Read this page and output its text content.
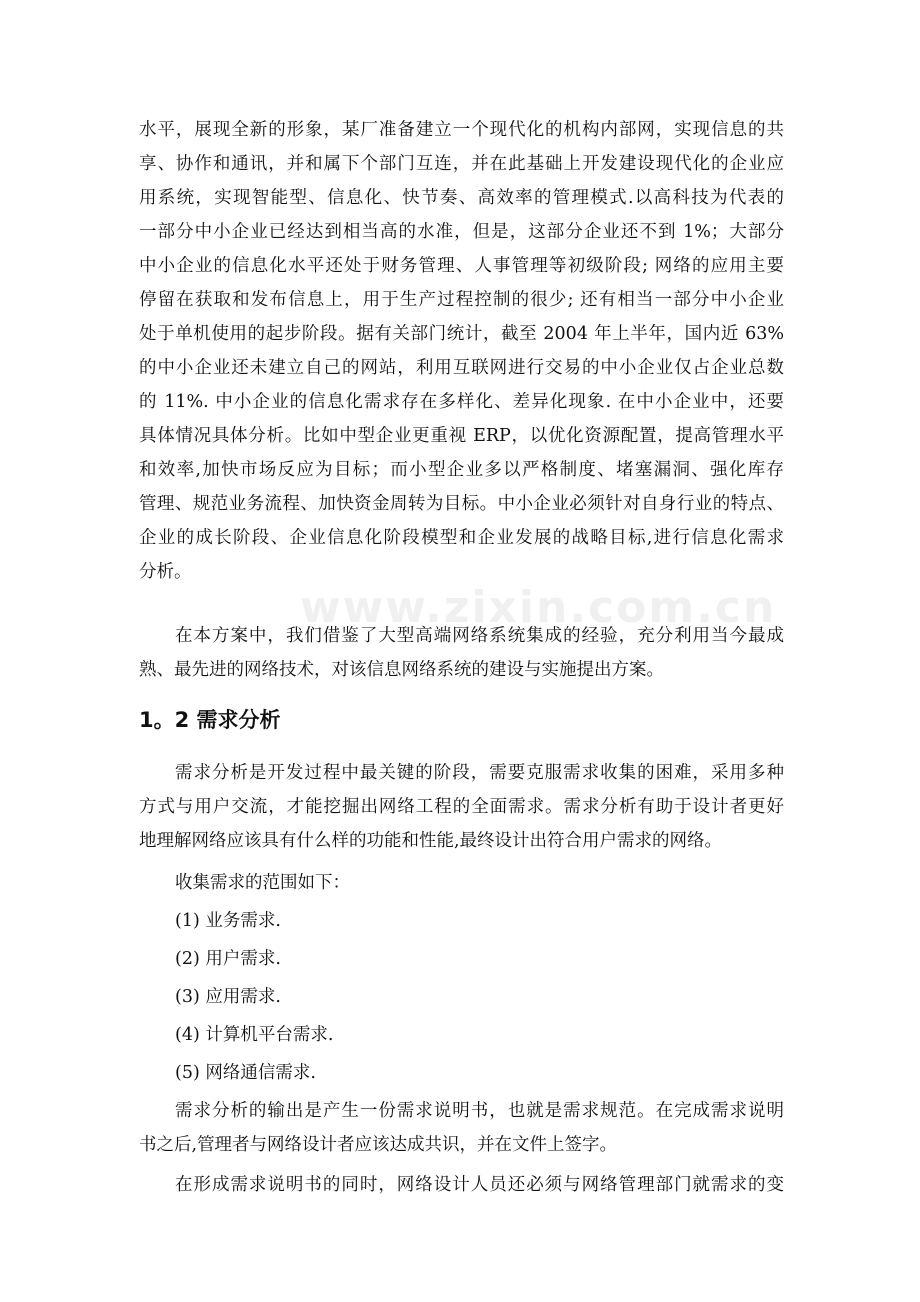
www.zixin.com.cn
水平，展现全新的形象，某厂准备建立一个现代化的机构内部网，实现信息的共
享、协作和通讯，并和属下个部门互连，并在此基础上开发建设现代化的企业应
用系统，实现智能型、信息化、快节奏、高效率的管理模式.以高科技为代表的
一部分中小企业已经达到相当高的水准，但是，这部分企业还不到 1%；大部分
中小企业的信息化水平还处于财务管理、人事管理等初级阶段; 网络的应用主要
停留在获取和发布信息上，用于生产过程控制的很少; 还有相当一部分中小企业
处于单机使用的起步阶段。据有关部门统计，截至 2004 年上半年，国内近 63%
的中小企业还未建立自己的网站，利用互联网进行交易的中小企业仅占企业总数
的 11%. 中小企业的信息化需求存在多样化、差异化现象. 在中小企业中，还要
具体情况具体分析。比如中型企业更重视 ERP，以优化资源配置，提高管理水平
和效率,加快市场反应为目标；而小型企业多以严格制度、堵塞漏洞、强化库存
管理、规范业务流程、加快资金周转为目标。中小企业必须针对自身行业的特点、
企业的成长阶段、企业信息化阶段模型和企业发展的战略目标,进行信息化需求
分析。
在本方案中，我们借鉴了大型高端网络系统集成的经验，充分利用当今最成
熟、最先进的网络技术，对该信息网络系统的建设与实施提出方案。
1。2 需求分析
需求分析是开发过程中最关键的阶段，需要克服需求收集的困难，采用多种
方式与用户交流，才能挖掘出网络工程的全面需求。需求分析有助于设计者更好
地理解网络应该具有什么样的功能和性能,最终设计出符合用户需求的网络。
收集需求的范围如下：
(1) 业务需求.
(2) 用户需求.
(3) 应用需求.
(4) 计算机平台需求.
(5) 网络通信需求.
需求分析的输出是产生一份需求说明书，也就是需求规范。在完成需求说明
书之后,管理者与网络设计者应该达成共识，并在文件上签字。
在形成需求说明书的同时，网络设计人员还必须与网络管理部门就需求的变
